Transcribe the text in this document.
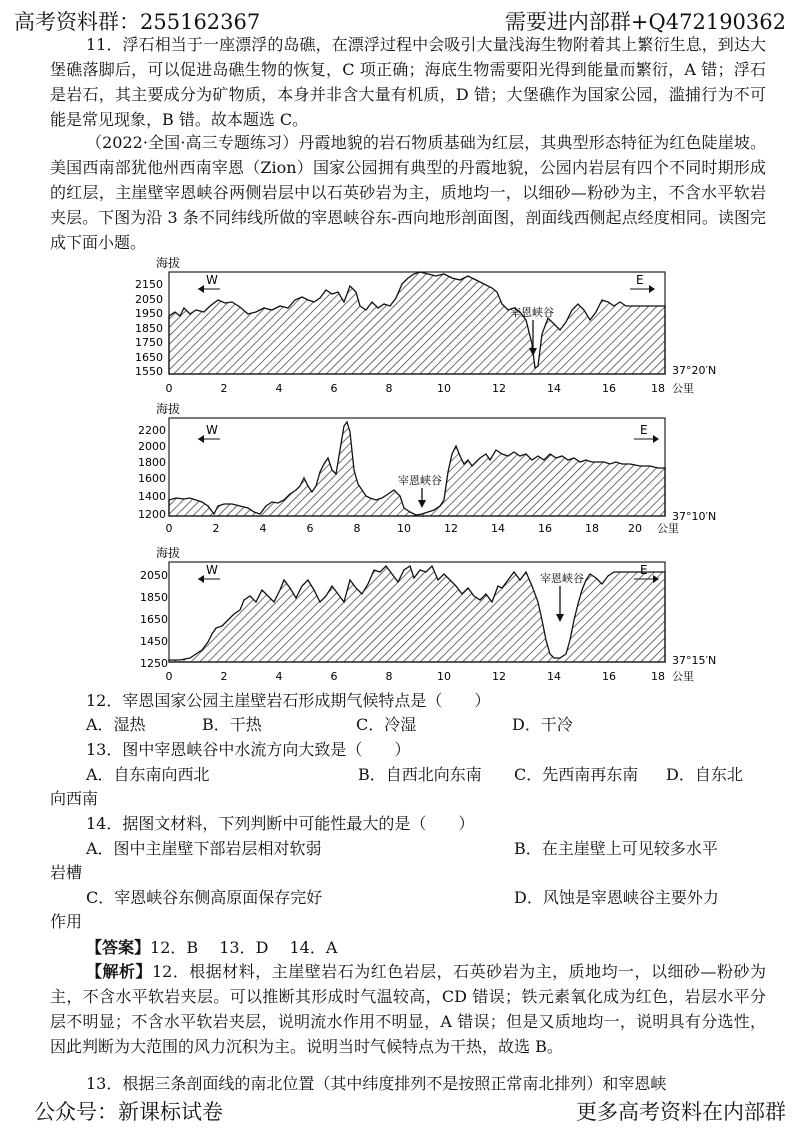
高考资料群：255162367	需要进内部群+Q472190362

11．浮石相当于一座漂浮的岛礁，在漂浮过程中会吸引大量浅海生物附着其上繁衍生息，到达大堡礁落脚后，可以促进岛礁生物的恢复，C 项正确；海底生物需要阳光得到能量而繁衍，A 错；浮石是岩石，其主要成分为矿物质，本身并非含大量有机质，D 错；大堡礁作为国家公园，滥捕行为不可能是常见现象，B 错。故本题选 C。

（2022·全国·高三专题练习）丹霞地貌的岩石物质基础为红层，其典型形态特征为红色陡崖坡。美国西南部犹他州西南宰恩（Zion）国家公园拥有典型的丹霞地貌，公园内岩层有四个不同时期形成的红层，主崖壁宰恩峡谷两侧岩层中以石英砂岩为主，质地均一，以细砂—粉砂为主，不含水平软岩夹层。下图为沿 3 条不同纬线所做的宰恩峡谷东-西向地形剖面图，剖面线西侧起点经度相同。读图完成下面小题。

海拔
2150
2050
1950
1850
1750
1650
1550
0	2	4	6	8	10	12	14	16	18 公里
37°20′N
W	E
宰恩峡谷
海拔
2200
2000
1800
1600
1400
1200
0	2	4	6	8	10	12	14	16	18	20 公里
37°10′N
W	E
宰恩峡谷
海拔
2050
1850
1650
1450
1250
0	2	4	6	8	10	12	14	16	18 公里
37°15′N
W	E
宰恩峡谷
12．宰恩国家公园主崖壁岩石形成期气候特点是（　　）
A．湿热	B．干热	C．冷湿	D．干冷
13．图中宰恩峡谷中水流方向大致是（　　）
A．自东南向西北	B．自西北向东南 C．先西南再东南 D．自东北
向西南
14．据图文材料，下列判断中可能性最大的是（　　）
A．图中主崖壁下部岩层相对软弱	B．在主崖壁上可见较多水平
岩槽
C．宰恩峡谷东侧高原面保存完好	D．风蚀是宰恩峡谷主要外力
作用
【答案】12．B　 13．D　 14．A

【解析】12．根据材料，主崖壁岩石为红色岩层，石英砂岩为主，质地均一，以细砂—粉砂为主，不含水平软岩夹层。可以推断其形成时气温较高，CD 错误；铁元素氧化成为红色，岩层水平分层不明显；不含水平软岩夹层，说明流水作用不明显，A 错误；但是又质地均一，说明具有分选性，因此判断为大范围的风力沉积为主。说明当时气候特点为干热，故选 B。

13．根据三条剖面线的南北位置（其中纬度排列不是按照正常南北排列）和宰恩峡

公众号：新课标试卷	更多高考资料在内部群
